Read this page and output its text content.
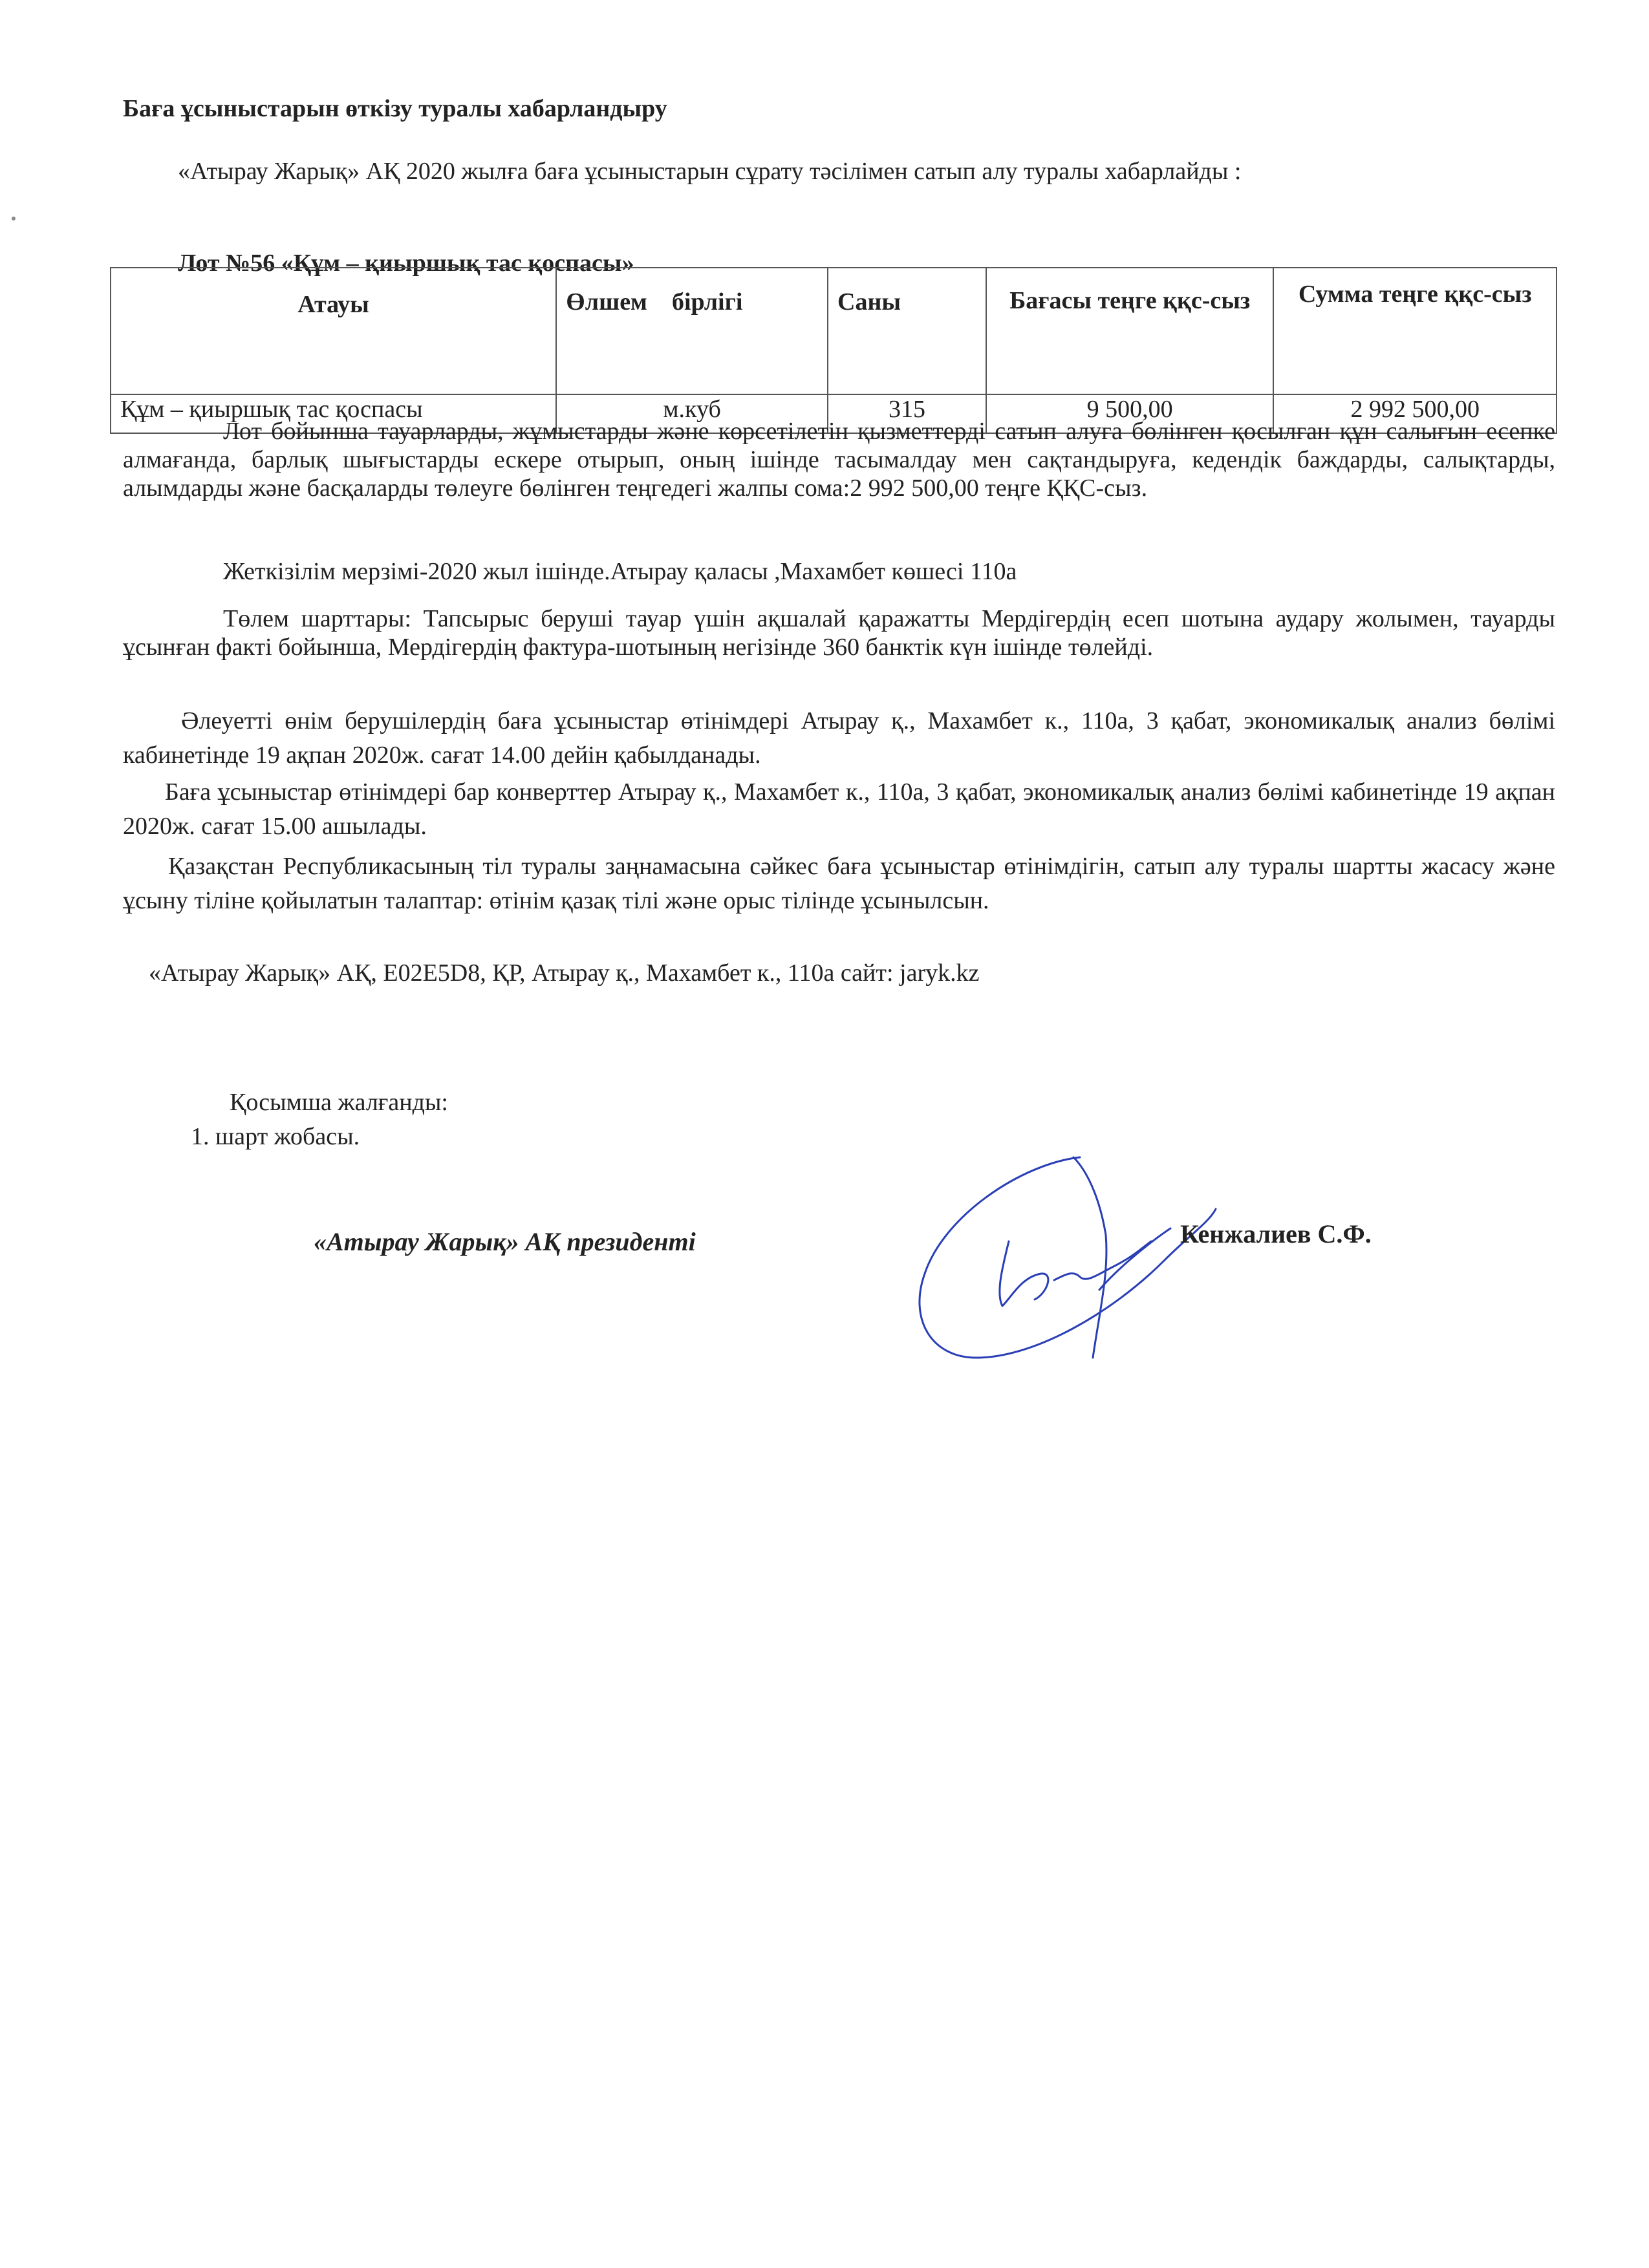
Баға ұсыныстарын өткізу туралы хабарландыру
«Атырау Жарық» АҚ 2020 жылға баға ұсыныстарын сұрату тәсілімен сатып алу туралы хабарлайды :
Лот №56 «Құм – қиыршық тас қоспасы»
Атауы	Өлшем    бірлігі	Саны	Бағасы теңге ққс-сыз	Сумма теңге ққс-сыз
Құм – қиыршық тас қоспасы	м.куб	315	9 500,00	2 992 500,00
Лот бойынша тауарларды, жұмыстарды және көрсетілетін қызметтерді сатып алуға бөлінген қосылған құн салығын есепке алмағанда, барлық шығыстарды ескере отырып, оның ішінде тасымалдау мен сақтандыруға, кедендік баждарды, салықтарды, алымдарды және басқаларды төлеуге бөлінген теңгедегі жалпы сома:2 992 500,00 теңге ҚҚС-сыз.
Жеткізілім мерзімі-2020 жыл ішінде.Атырау қаласы ,Махамбет көшесі 110а
Төлем шарттары: Тапсырыс беруші тауар үшін ақшалай қаражатты Мердігердің есеп шотына аудару жолымен, тауарды ұсынған факті бойынша, Мердігердің фактура-шотының негізінде 360 банктік күн ішінде төлейді.
Әлеуетті өнім берушілердің баға ұсыныстар өтінімдері Атырау қ., Махамбет к., 110а, 3 қабат, экономикалық анализ бөлімі кабинетінде 19 ақпан 2020ж. сағат 14.00 дейін қабылданады.
Баға ұсыныстар өтінімдері бар конверттер Атырау қ., Махамбет к., 110а, 3 қабат, экономикалық анализ бөлімі кабинетінде 19 ақпан 2020ж. сағат 15.00 ашылады.
Қазақстан Республикасының тіл туралы заңнамасына сәйкес баға ұсыныстар өтінімдігін, сатып алу туралы шартты жасасу және ұсыну тіліне қойылатын талаптар: өтінім қазақ тілі және орыс тілінде ұсынылсын.
«Атырау Жарық» АҚ, Е02Е5D8, ҚР, Атырау қ., Махамбет к., 110а сайт: jaryk.kz
Қосымша жалғанды:
1. шарт жобасы.
«Атырау Жарық» АҚ президенті	Кенжалиев С.Ф.
